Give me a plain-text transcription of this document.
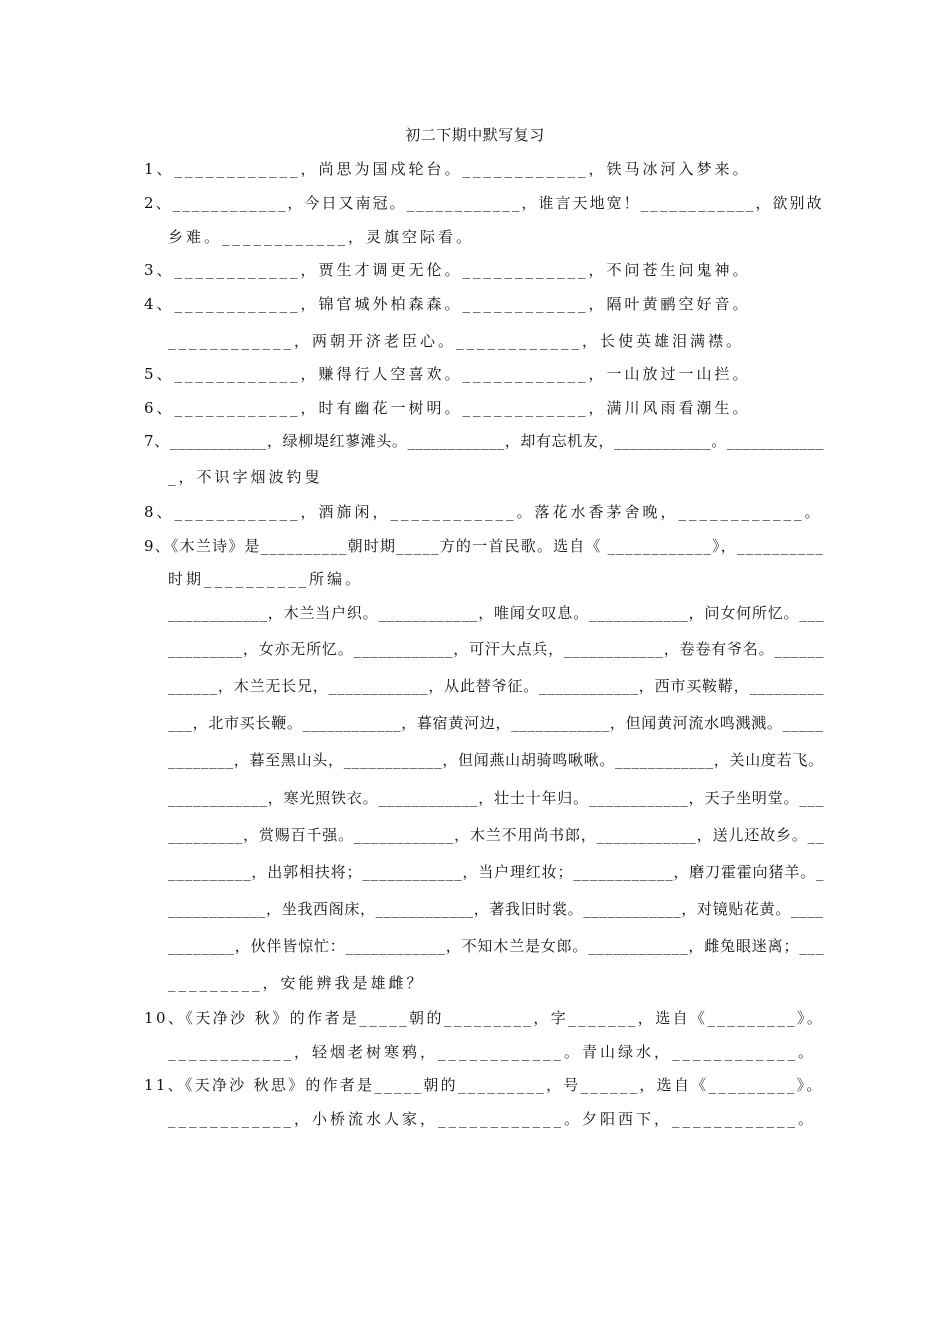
初二下期中默写复习
1、____________，尚思为国戍轮台。____________，铁马冰河入梦来。
2、____________，今日又南冠。____________，谁言天地宽！____________，欲别故
乡难。____________，灵旗空际看。
3、____________，贾生才调更无伦。____________，不问苍生问鬼神。
4、____________，锦官城外柏森森。____________，隔叶黄鹂空好音。
____________，两朝开济老臣心。____________，长使英雄泪满襟。
5、____________，赚得行人空喜欢。____________，一山放过一山拦。
6、____________，时有幽花一树明。____________，满川风雨看潮生。
7、____________，绿柳堤红蓼滩头。____________，却有忘机友，____________。____________
_，不识字烟波钓叟
8、____________，酒旆闲，____________。落花水香茅舍晚，____________。
9、《木兰诗》是__________朝时期_____方的一首民歌。选自《 ____________》，__________
时期__________所编。
____________，木兰当户织。____________，唯闻女叹息。____________，问女何所忆。___
_________，女亦无所忆。____________，可汗大点兵，____________，卷卷有爷名。______
______，木兰无长兄，____________，从此替爷征。____________，西市买鞍鞯，_________
___，北市买长鞭。____________，暮宿黄河边，____________，但闻黄河流水鸣溅溅。_____
________，暮至黑山头，____________，但闻燕山胡骑鸣啾啾。____________，关山度若飞。
____________，寒光照铁衣。____________，壮士十年归。____________，天子坐明堂。___
_________，赏赐百千强。____________，木兰不用尚书郎，____________，送儿还故乡。__
__________，出郭相扶将；____________，当户理红妆；____________，磨刀霍霍向猪羊。_
____________，坐我西阁床，____________，著我旧时裳。____________，对镜贴花黄。____
________，伙伴皆惊忙：____________，不知木兰是女郎。____________，雌兔眼迷离；___
_________，安能辨我是雄雌？
10、《天净沙 秋》的作者是_____朝的_________，字_______，选自《_________》。
____________，轻烟老树寒鸦，____________。青山绿水，____________。
11、《天净沙 秋思》的作者是_____朝的_________，号______，选自《_________》。
____________，小桥流水人家，____________。夕阳西下，____________。
